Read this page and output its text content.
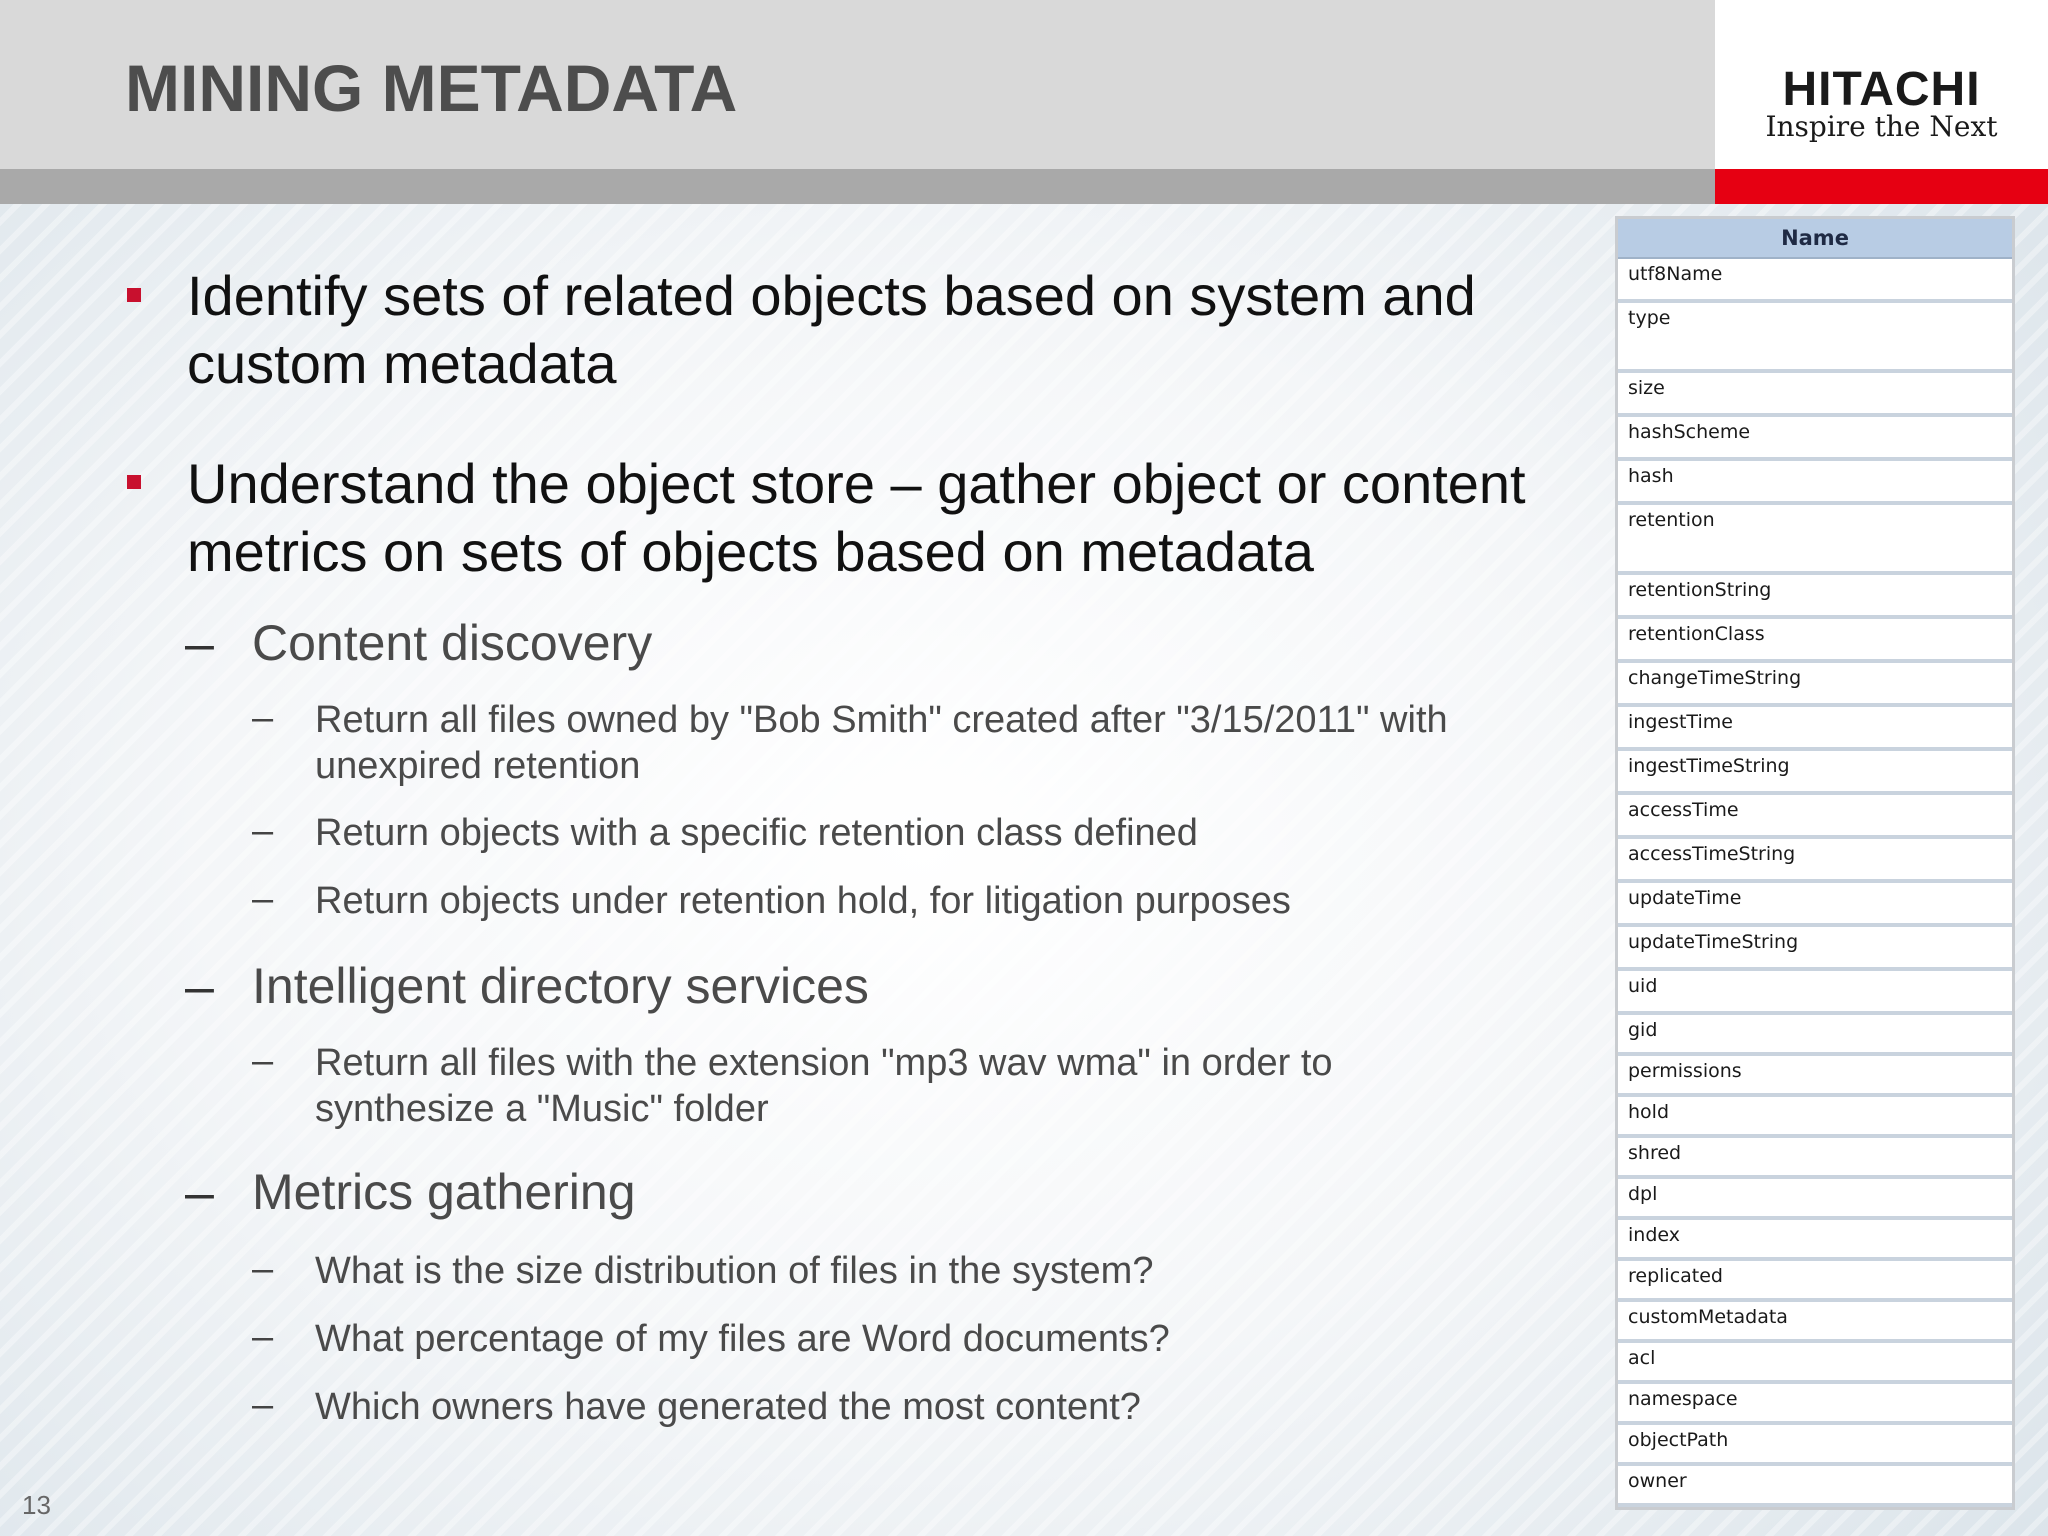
MINING METADATA	HITACHI
Inspire the Next
Identify sets of related objects based on system and custom metadata
Understand the object store – gather object or content metrics on sets of objects based on metadata
– Content discovery
– Return all files owned by "Bob Smith" created after "3/15/2011" with unexpired retention
– Return objects with a specific retention class defined
– Return objects under retention hold, for litigation purposes
– Intelligent directory services
– Return all files with the extension "mp3 wav wma" in order to synthesize a "Music" folder
– Metrics gathering
– What is the size distribution of files in the system?
– What percentage of my files are Word documents?
– Which owners have generated the most content?
13
Name
utf8Name
type
size
hashScheme
hash
retention
retentionString
retentionClass
changeTimeString
ingestTime
ingestTimeString
accessTime
accessTimeString
updateTime
updateTimeString
uid
gid
permissions
hold
shred
dpl
index
replicated
customMetadata
acl
namespace
objectPath
owner
